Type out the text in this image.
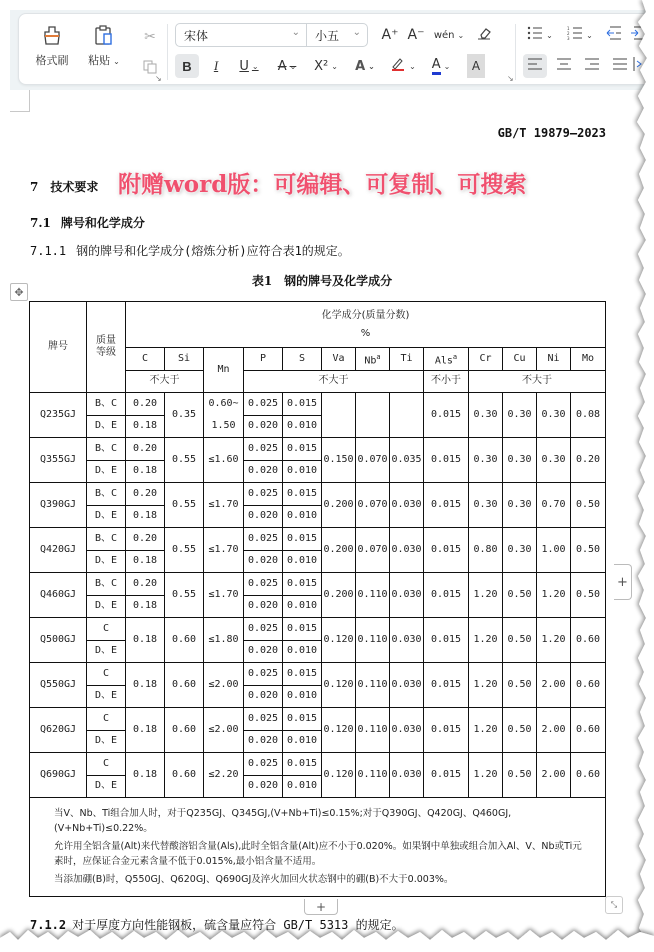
格式刷	粘贴 ⌄
✂
↘
宋体	⌄ 小五 ⌄ A⁺ A⁻ wén ⌄
B I U ⌄ A ⌄ X² ⌄ A ⌄	⌄ A ⌄ A
↘
⌄
1
2
3 ⌄
GB/T 19879—2023
7 技术要求 附赠word版：可编辑、可复制、可搜索
7.1 牌号和化学成分
7.1.1 钢的牌号和化学成分(熔炼分析)应符合表1的规定。
表1 钢的牌号及化学成分
✥
牌号	质量等级	化学成分(质量分数)
%												

		C	Si	Mn	P	S	Va	Nb$^a$	Ti	Als$^a$	Cr	Cu	Ni	Mo
		不大于			不大于					不小于	不大于			
Q235GJ	B、C	0.20	0.35	0.60~
1.50	0.025	0.015				0.015	0.30	0.30	0.30	0.08
	D、E	0.18			0.020	0.010								
Q355GJ	B、C	0.20	0.55	≤1.60	0.025	0.015	0.150	0.070	0.035	0.015	0.30	0.30	0.30	0.20
	D、E	0.18			0.020	0.010								
Q390GJ	B、C	0.20	0.55	≤1.70	0.025	0.015	0.200	0.070	0.030	0.015	0.30	0.30	0.70	0.50
	D、E	0.18			0.020	0.010								
Q420GJ	B、C	0.20	0.55	≤1.70	0.025	0.015	0.200	0.070	0.030	0.015	0.80	0.30	1.00	0.50
	D、E	0.18			0.020	0.010								
Q460GJ	B、C	0.20	0.55	≤1.70	0.025	0.015	0.200	0.110	0.030	0.015	1.20	0.50	1.20	0.50
	D、E	0.18			0.020	0.010								
Q500GJ	C	0.18	0.60	≤1.80	0.025	0.015	0.120	0.110	0.030	0.015	1.20	0.50	1.20	0.60
	D、E				0.020	0.010								
Q550GJ	C	0.18	0.60	≤2.00	0.025	0.015	0.120	0.110	0.030	0.015	1.20	0.50	2.00	0.60
	D、E				0.020	0.010								
Q620GJ	C	0.18	0.60	≤2.00	0.025	0.015	0.120	0.110	0.030	0.015	1.20	0.50	2.00	0.60
	D、E				0.020	0.010								
Q690GJ	C	0.18	0.60	≤2.20	0.025	0.015	0.120	0.110	0.030	0.015	1.20	0.50	2.00	0.60
	D、E				0.020	0.010								

当V、Nb、Ti组合加人时，对于Q235GJ、Q345GJ,(V+Nb+Ti)≤0.15%;对于Q390GJ、Q420GJ、Q460GJ,(V+Nb+Ti)≤0.22%。

允许用全铝含量(Alt)来代替酸溶铝含量(Als),此时全铝含量(Alt)应不小于0.020%。如果钢中单独或组合加入Al、V、Nb或Ti元素时，应保证合金元素含量不低于0.015%,最小铝含量不适用。

当添加硼(B)时，Q550GJ、Q620GJ、Q690GJ及淬火加回火状态钢中的硼(B)不大于0.003%。														

+
+	⤡
7.1.2 对于厚度方向性能钢板，硫含量应符合 GB/T 5313 的规定。
